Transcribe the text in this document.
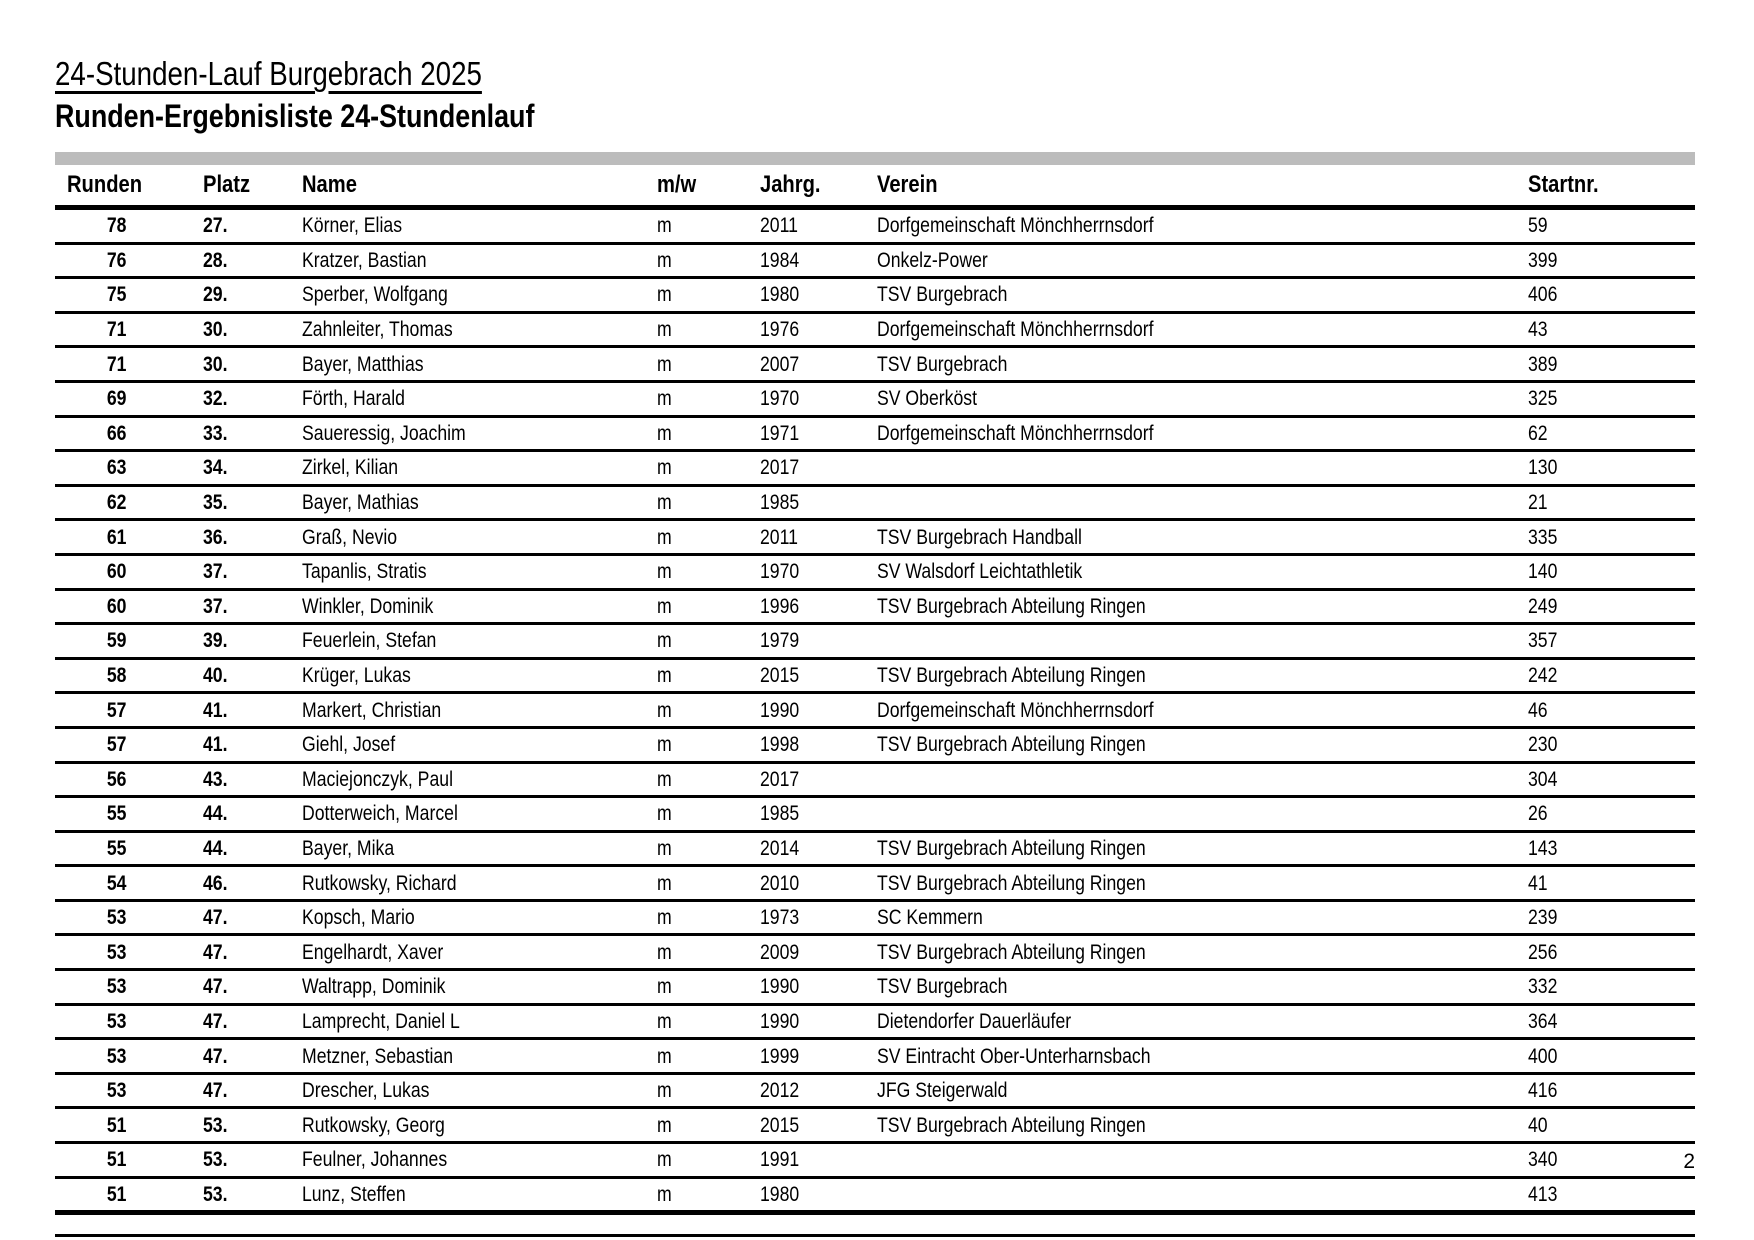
24-Stunden-Lauf Burgebrach 2025
Runden-Ergebnisliste 24-Stundenlauf
Runden	Platz	Name	m/w	Jahrg.	Verein	Startnr.
78	27.	Körner, Elias	m	2011	Dorfgemeinschaft Mönchherrnsdorf	59
76	28.	Kratzer, Bastian	m	1984	Onkelz-Power	399
75	29.	Sperber, Wolfgang	m	1980	TSV Burgebrach	406
71	30.	Zahnleiter, Thomas	m	1976	Dorfgemeinschaft Mönchherrnsdorf	43
71	30.	Bayer, Matthias	m	2007	TSV Burgebrach	389
69	32.	Förth, Harald	m	1970	SV Oberköst	325
66	33.	Saueressig, Joachim	m	1971	Dorfgemeinschaft Mönchherrnsdorf	62
63	34.	Zirkel, Kilian	m	2017		130
62	35.	Bayer, Mathias	m	1985		21
61	36.	Graß, Nevio	m	2011	TSV Burgebrach Handball	335
60	37.	Tapanlis, Stratis	m	1970	SV Walsdorf Leichtathletik	140
60	37.	Winkler, Dominik	m	1996	TSV Burgebrach Abteilung Ringen	249
59	39.	Feuerlein, Stefan	m	1979		357
58	40.	Krüger, Lukas	m	2015	TSV Burgebrach Abteilung Ringen	242
57	41.	Markert, Christian	m	1990	Dorfgemeinschaft Mönchherrnsdorf	46
57	41.	Giehl, Josef	m	1998	TSV Burgebrach Abteilung Ringen	230
56	43.	Maciejonczyk, Paul	m	2017		304
55	44.	Dotterweich, Marcel	m	1985		26
55	44.	Bayer, Mika	m	2014	TSV Burgebrach Abteilung Ringen	143
54	46.	Rutkowsky, Richard	m	2010	TSV Burgebrach Abteilung Ringen	41
53	47.	Kopsch, Mario	m	1973	SC Kemmern	239
53	47.	Engelhardt, Xaver	m	2009	TSV Burgebrach Abteilung Ringen	256
53	47.	Waltrapp, Dominik	m	1990	TSV Burgebrach	332
53	47.	Lamprecht, Daniel L	m	1990	Dietendorfer Dauerläufer	364
53	47.	Metzner, Sebastian	m	1999	SV Eintracht Ober-Unterharnsbach	400
53	47.	Drescher, Lukas	m	2012	JFG Steigerwald	416
51	53.	Rutkowsky, Georg	m	2015	TSV Burgebrach Abteilung Ringen	40
51	53.	Feulner, Johannes	m	1991		340
51	53.	Lunz, Steffen	m	1980		413

2
